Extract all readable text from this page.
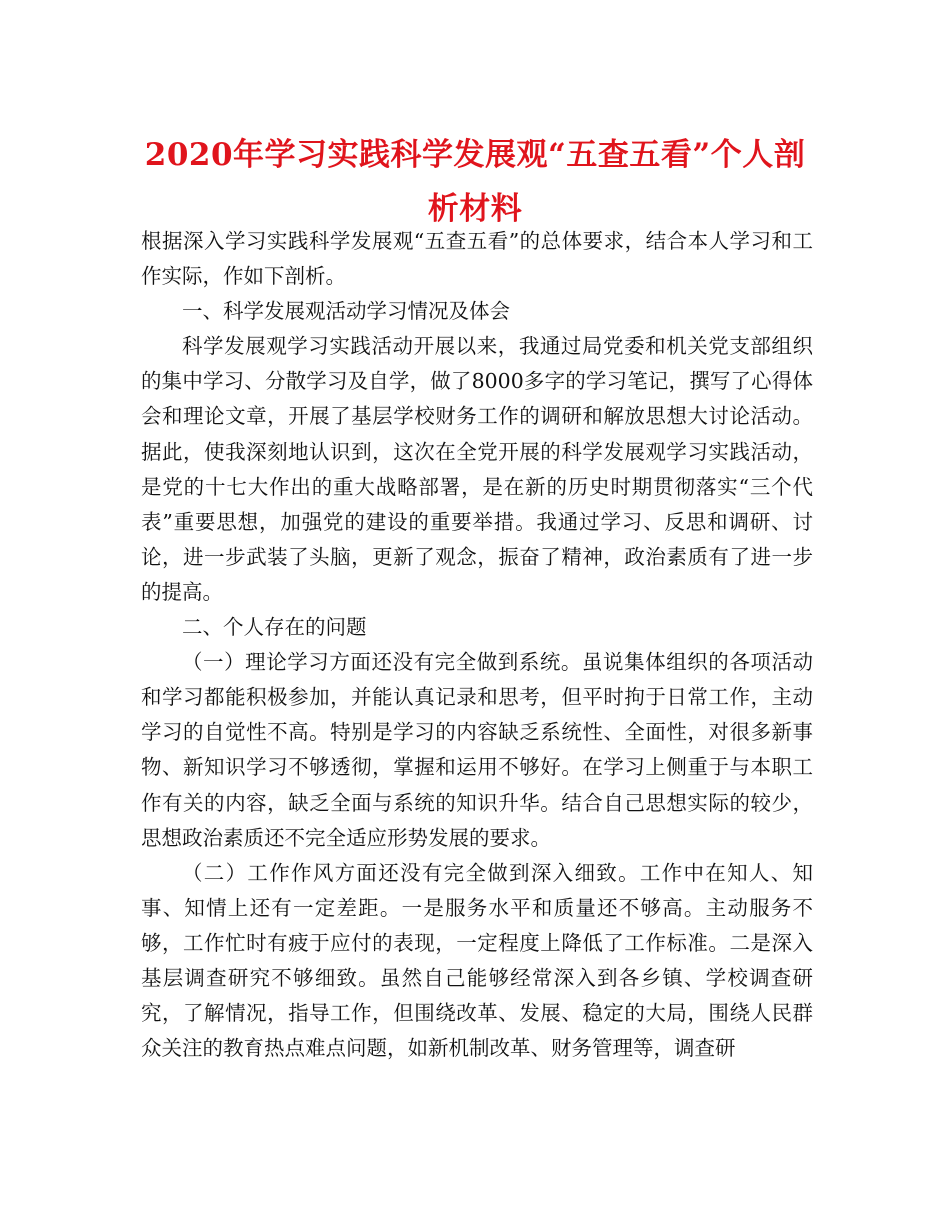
2020年学习实践科学发展观“五查五看”个人剖析材料

根据深入学习实践科学发展观“五查五看”的总体要求，结合本人学习和工作实际，作如下剖析。

一、科学发展观活动学习情况及体会

科学发展观学习实践活动开展以来，我通过局党委和机关党支部组织的集中学习、分散学习及自学，做了8000多字的学习笔记，撰写了心得体会和理论文章，开展了基层学校财务工作的调研和解放思想大讨论活动。据此，使我深刻地认识到，这次在全党开展的科学发展观学习实践活动，是党的十七大作出的重大战略部署，是在新的历史时期贯彻落实“三个代表”重要思想，加强党的建设的重要举措。我通过学习、反思和调研、讨论，进一步武装了头脑，更新了观念，振奋了精神，政治素质有了进一步的提高。

二、个人存在的问题

（一）理论学习方面还没有完全做到系统。虽说集体组织的各项活动和学习都能积极参加，并能认真记录和思考，但平时拘于日常工作，主动学习的自觉性不高。特别是学习的内容缺乏系统性、全面性，对很多新事物、新知识学习不够透彻，掌握和运用不够好。在学习上侧重于与本职工作有关的内容，缺乏全面与系统的知识升华。结合自己思想实际的较少，思想政治素质还不完全适应形势发展的要求。

（二）工作作风方面还没有完全做到深入细致。工作中在知人、知事、知情上还有一定差距。一是服务水平和质量还不够高。主动服务不够，工作忙时有疲于应付的表现，一定程度上降低了工作标准。二是深入基层调查研究不够细致。虽然自己能够经常深入到各乡镇、学校调查研究，了解情况，指导工作，但围绕改革、发展、稳定的大局，围绕人民群众关注的教育热点难点问题，如新机制改革、财务管理等，调查研
